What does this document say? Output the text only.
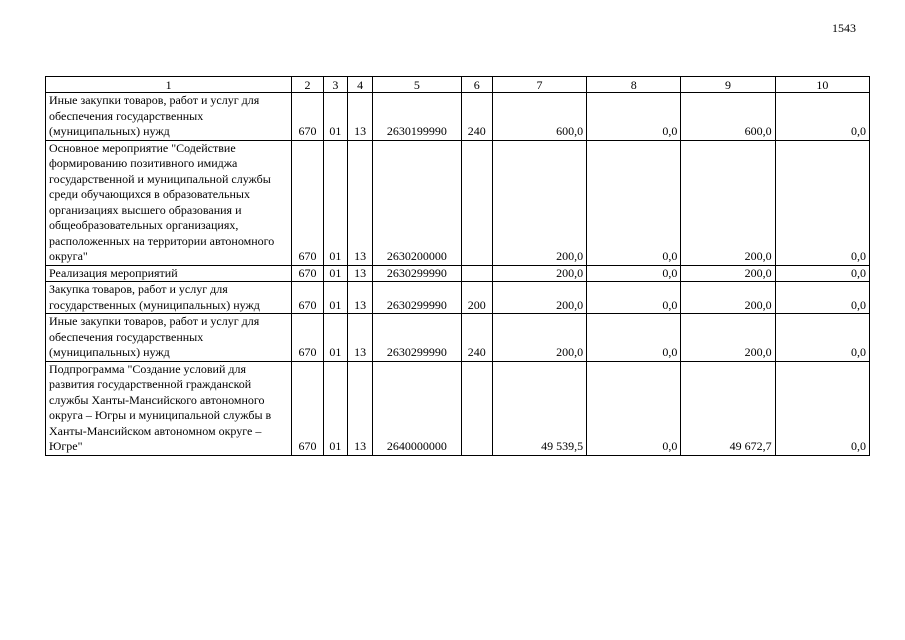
1543
1	2	3	4	5	6	7	8	9	10
Иные закупки товаров, работ и услуг для обеспечения государственных (муниципальных) нужд	670	01	13	2630199990	240	600,0	0,0	600,0	0,0
Основное мероприятие "Содействие формированию позитивного имиджа государственной и муниципальной службы среди обучающихся в образовательных организациях высшего образования и общеобразовательных организациях, расположенных на территории автономного округа"	670	01	13	2630200000		200,0	0,0	200,0	0,0
Реализация мероприятий	670	01	13	2630299990		200,0	0,0	200,0	0,0
Закупка товаров, работ и услуг для государственных (муниципальных) нужд	670	01	13	2630299990	200	200,0	0,0	200,0	0,0
Иные закупки товаров, работ и услуг для обеспечения государственных (муниципальных) нужд	670	01	13	2630299990	240	200,0	0,0	200,0	0,0
Подпрограмма "Создание условий для развития государственной гражданской службы Ханты-Мансийского автономного округа – Югры и муниципальной службы в Ханты-Мансийском автономном округе – Югре"	670	01	13	2640000000		49 539,5	0,0	49 672,7	0,0
